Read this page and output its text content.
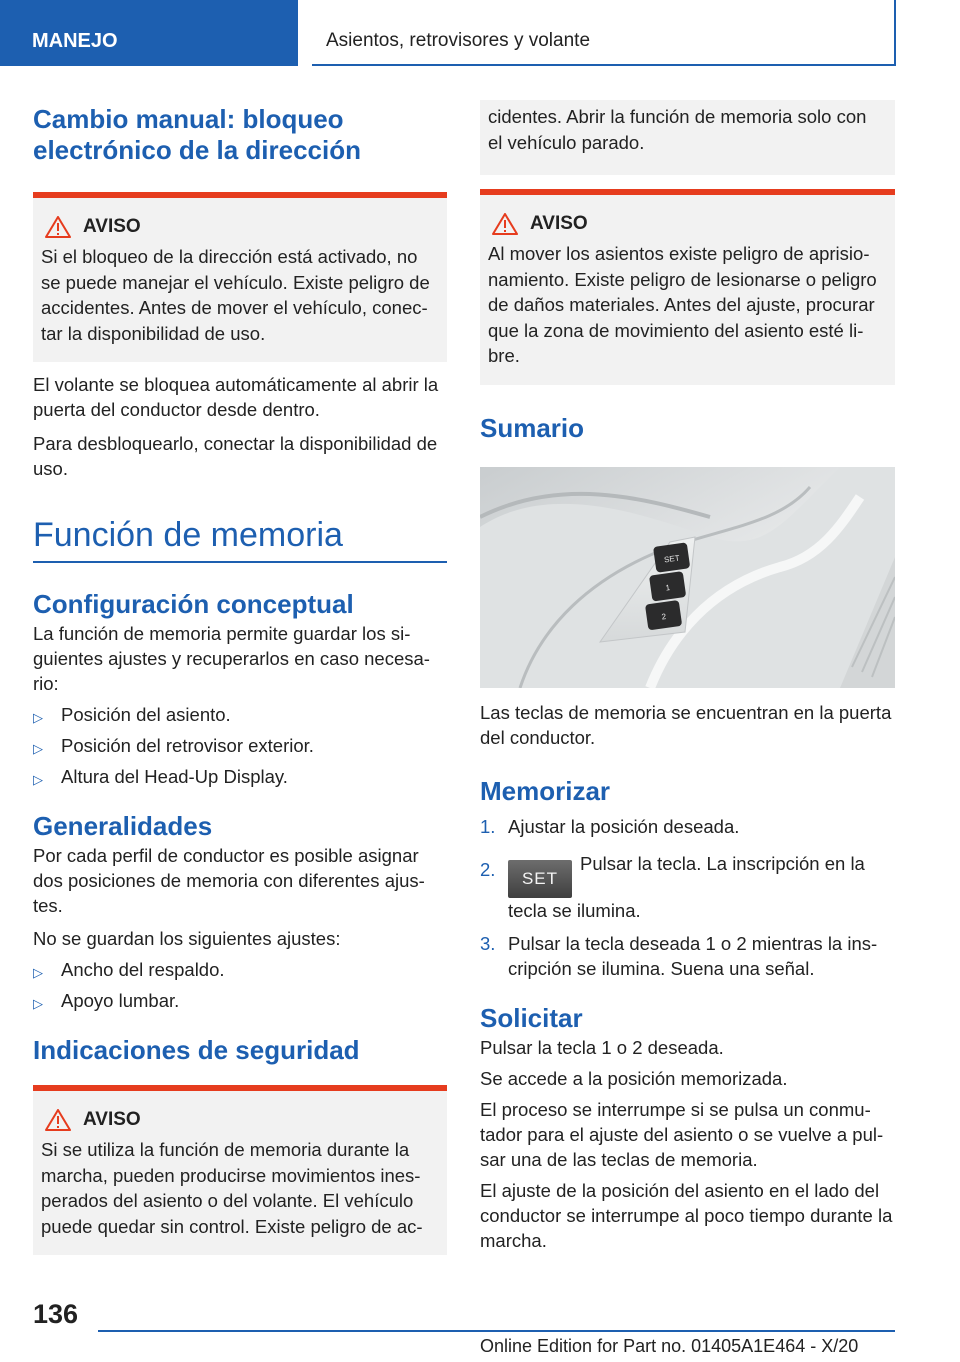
MANEJO	Asientos, retrovisores y volante
Cambio manual: bloqueo electrónico de la dirección
AVISO

Si el bloqueo de la dirección está activado, no se puede manejar el vehículo. Existe peligro de accidentes. Antes de mover el vehículo, conec-tar la disponibilidad de uso.

El volante se bloquea automáticamente al abrir la puerta del conductor desde dentro.

Para desbloquearlo, conectar la disponibilidad de uso.

Función de memoria
Configuración conceptual

La función de memoria permite guardar los si-guientes ajustes y recuperarlos en caso necesa-rio:

▷ Posición del asiento.
▷ Posición del retrovisor exterior.
▷ Altura del Head-Up Display.
Generalidades

Por cada perfil de conductor es posible asignar dos posiciones de memoria con diferentes ajus-tes.

No se guardan los siguientes ajustes:

▷ Ancho del respaldo.
▷ Apoyo lumbar.
Indicaciones de seguridad
AVISO

Si se utiliza la función de memoria durante la marcha, pueden producirse movimientos ines-perados del asiento o del volante. El vehículo puede quedar sin control. Existe peligro de ac-

cidentes. Abrir la función de memoria solo con el vehículo parado.

AVISO

Al mover los asientos existe peligro de aprisio-namiento. Existe peligro de lesionarse o peligro de daños materiales. Antes del ajuste, procurar que la zona de movimiento del asiento esté li-bre.

Sumario
SET
1
2

Las teclas de memoria se encuentran en la puerta del conductor.

Memorizar
1. Ajustar la posición deseada.
2. SETPulsar la tecla. La inscripción en la tecla se ilumina.
3. Pulsar la tecla deseada 1 o 2 mientras la ins-cripción se ilumina. Suena una señal.
Solicitar

Pulsar la tecla 1 o 2 deseada.

Se accede a la posición memorizada.

El proceso se interrumpe si se pulsa un conmu-tador para el ajuste del asiento o se vuelve a pul-sar una de las teclas de memoria.

El ajuste de la posición del asiento en el lado del conductor se interrumpe al poco tiempo durante la marcha.

136
Online Edition for Part no. 01405A1E464 - X/20
